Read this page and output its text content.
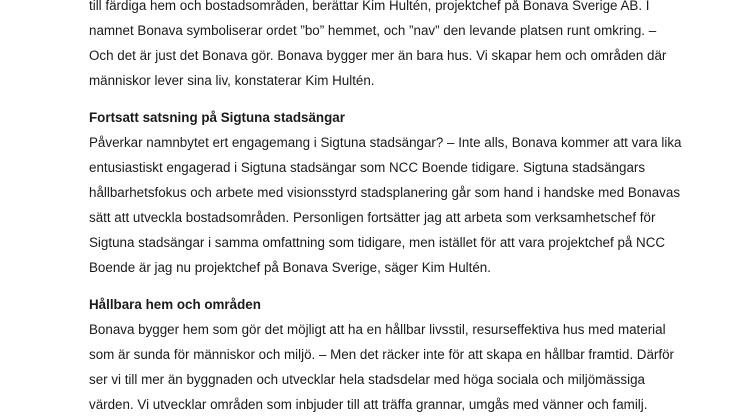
till färdiga hem och bostadsområden, berättar Kim Hultén, projektchef på Bonava Sverige AB. I
namnet Bonava symboliserar ordet ”bo” hemmet, och ”nav” den levande platsen runt omkring. –
Och det är just det Bonava gör. Bonava bygger mer än bara hus. Vi skapar hem och områden där
människor lever sina liv, konstaterar Kim Hultén.
Fortsatt satsning på Sigtuna stadsängar
Påverkar namnbytet ert engagemang i Sigtuna stadsängar? – Inte alls, Bonava kommer att vara lika
entusiastiskt engagerad i Sigtuna stadsängar som NCC Boende tidigare. Sigtuna stadsängars
hållbarhetsfokus och arbete med visionsstyrd stadsplanering går som hand i handske med Bonavas
sätt att utveckla bostadsområden. Personligen fortsätter jag att arbeta som verksamhetschef för
Sigtuna stadsängar i samma omfattning som tidigare, men istället för att vara projektchef på NCC
Boende är jag nu projektchef på Bonava Sverige, säger Kim Hultén.
Hållbara hem och områden
Bonava bygger hem som gör det möjligt att ha en hållbar livsstil, resurseffektiva hus med material
som är sunda för människor och miljö. – Men det räcker inte för att skapa en hållbar framtid. Därför
ser vi till mer än byggnaden och utvecklar hela stadsdelar med höga sociala och miljömässiga
värden. Vi utvecklar områden som inbjuder till att träffa grannar, umgås med vänner och familj.
